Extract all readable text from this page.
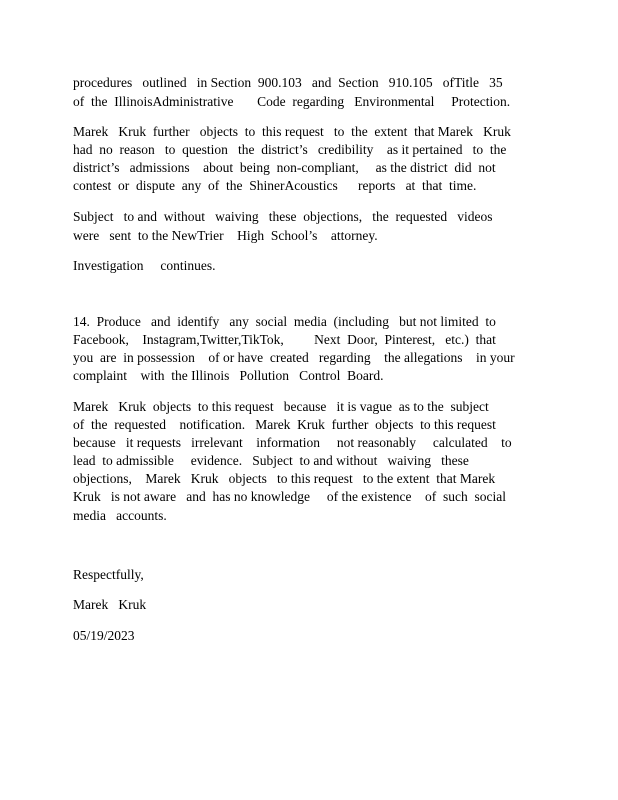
procedures   outlined   in Section  900.103   and  Section   910.105   ofTitle   35
of  the  IllinoisAdministrative       Code  regarding   Environmental     Protection.
Marek   Kruk  further   objects  to  this request   to  the  extent  that Marek   Kruk
had  no  reason   to  question   the  district’s   credibility    as it pertained   to  the
district’s   admissions    about  being  non-compliant,     as the district  did  not
contest  or  dispute  any  of  the  ShinerAcoustics      reports   at  that  time.
Subject   to and  without   waiving   these  objections,   the  requested   videos
were   sent  to the NewTrier    High  School’s    attorney.
Investigation     continues.
14.  Produce   and  identify   any  social  media  (including   but not limited  to
Facebook,    Instagram,Twitter,TikTok,         Next  Door,  Pinterest,   etc.)  that
you  are  in possession    of or have  created   regarding    the allegations    in your
complaint    with  the Illinois   Pollution   Control  Board.
Marek   Kruk  objects  to this request   because   it is vague  as to the  subject
of  the  requested    notification.   Marek  Kruk  further  objects  to this request
because   it requests   irrelevant    information     not reasonably     calculated    to
lead  to admissible     evidence.   Subject  to and without   waiving   these
objections,    Marek   Kruk   objects   to this request   to the extent  that Marek
Kruk   is not aware   and  has no knowledge     of the existence    of  such  social
media   accounts.
Respectfully,
Marek   Kruk
05/19/2023
